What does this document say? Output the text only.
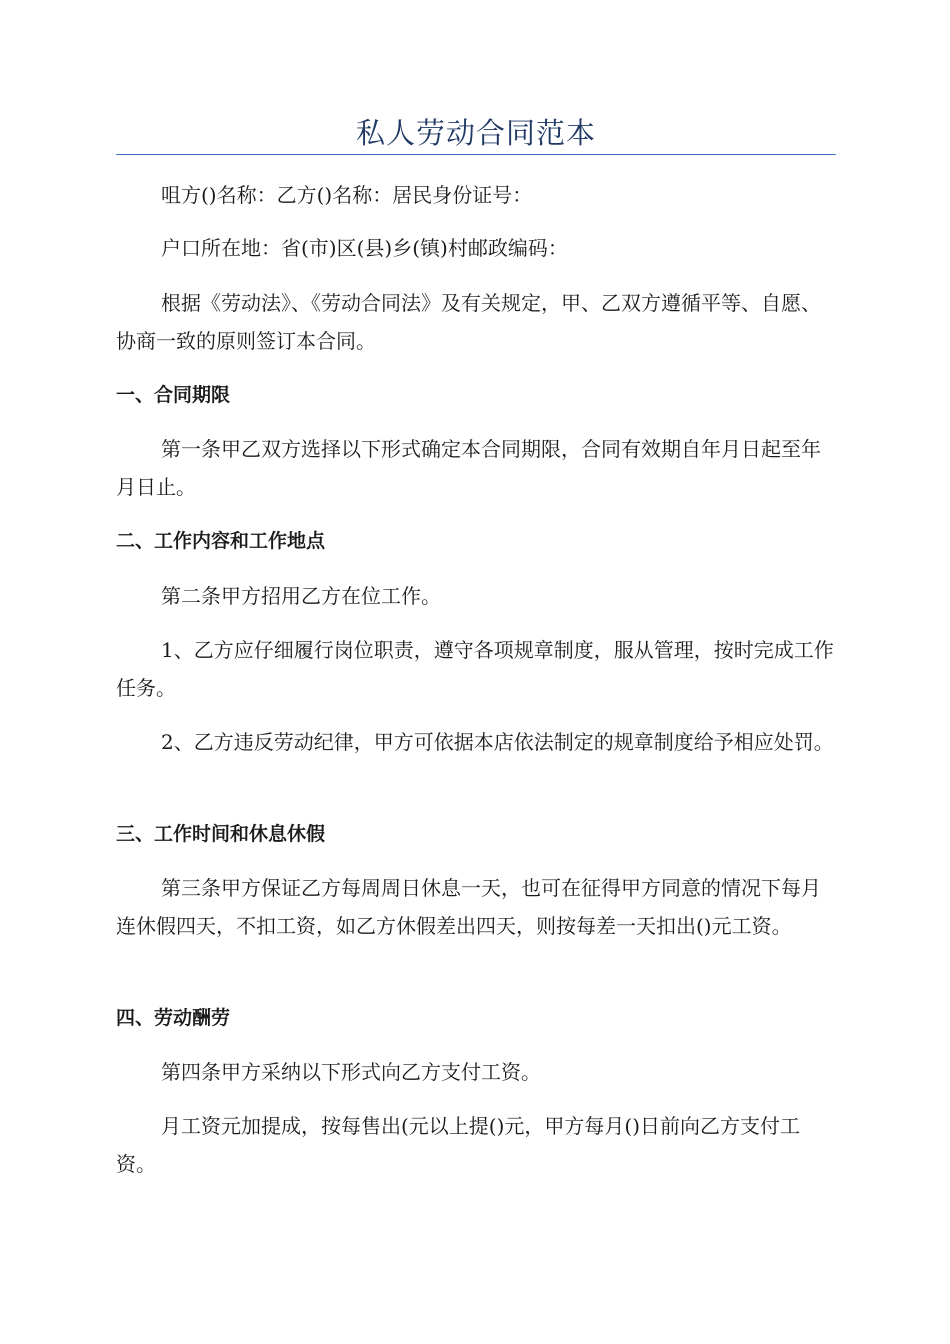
私人劳动合同范本
咀方()名称：乙方()名称：居民身份证号：
户口所在地：省(市)区(县)乡(镇)村邮政编码：
根据《劳动法》、《劳动合同法》及有关规定，甲、乙双方遵循平等、自愿、协商一致的原则签订本合同。
一、合同期限
第一条甲乙双方选择以下形式确定本合同期限，合同有效期自年月日起至年月日止。
二、工作内容和工作地点
第二条甲方招用乙方在位工作。
1、乙方应仔细履行岗位职责，遵守各项规章制度，服从管理，按时完成工作任务。
2、乙方违反劳动纪律，甲方可依据本店依法制定的规章制度给予相应处罚。
三、工作时间和休息休假
第三条甲方保证乙方每周周日休息一天，也可在征得甲方同意的情况下每月连休假四天，不扣工资，如乙方休假差出四天，则按每差一天扣出()元工资。
四、劳动酬劳
第四条甲方采纳以下形式向乙方支付工资。
月工资元加提成，按每售出(元以上提()元，甲方每月()日前向乙方支付工资。
